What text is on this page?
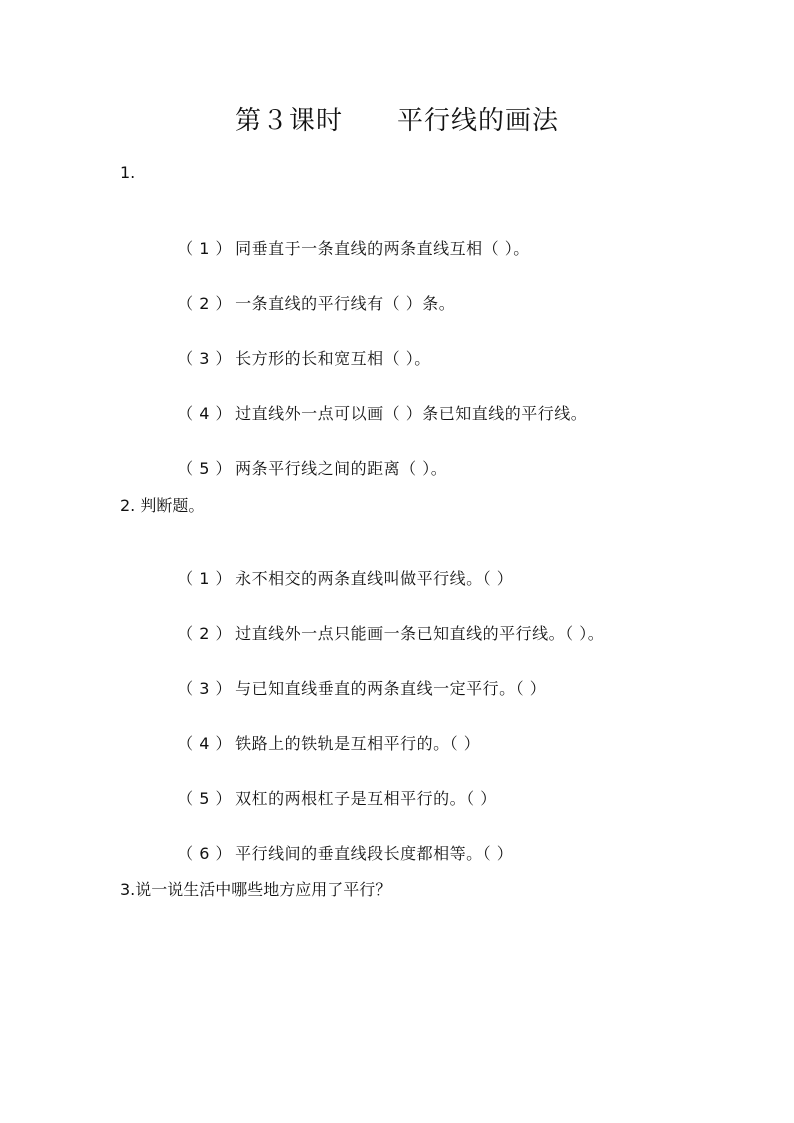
第３课时　　平行线的画法
1.

（ 1 ） 同垂直于一条直线的两条直线互相（ ）。

（ 2 ） 一条直线的平行线有（ ）条。

（ 3 ） 长方形的长和宽互相（ ）。

（ 4 ） 过直线外一点可以画（ ）条已知直线的平行线。

（ 5 ） 两条平行线之间的距离（ ）。

2. 判断题。

（ 1 ） 永不相交的两条直线叫做平行线。（ ）

（ 2 ） 过直线外一点只能画一条已知直线的平行线。（ ）。

（ 3 ） 与已知直线垂直的两条直线一定平行。（ ）

（ 4 ） 铁路上的铁轨是互相平行的。（ ）

（ 5 ） 双杠的两根杠子是互相平行的。（ ）

（ 6 ） 平行线间的垂直线段长度都相等。（ ）

3.说一说生活中哪些地方应用了平行？
